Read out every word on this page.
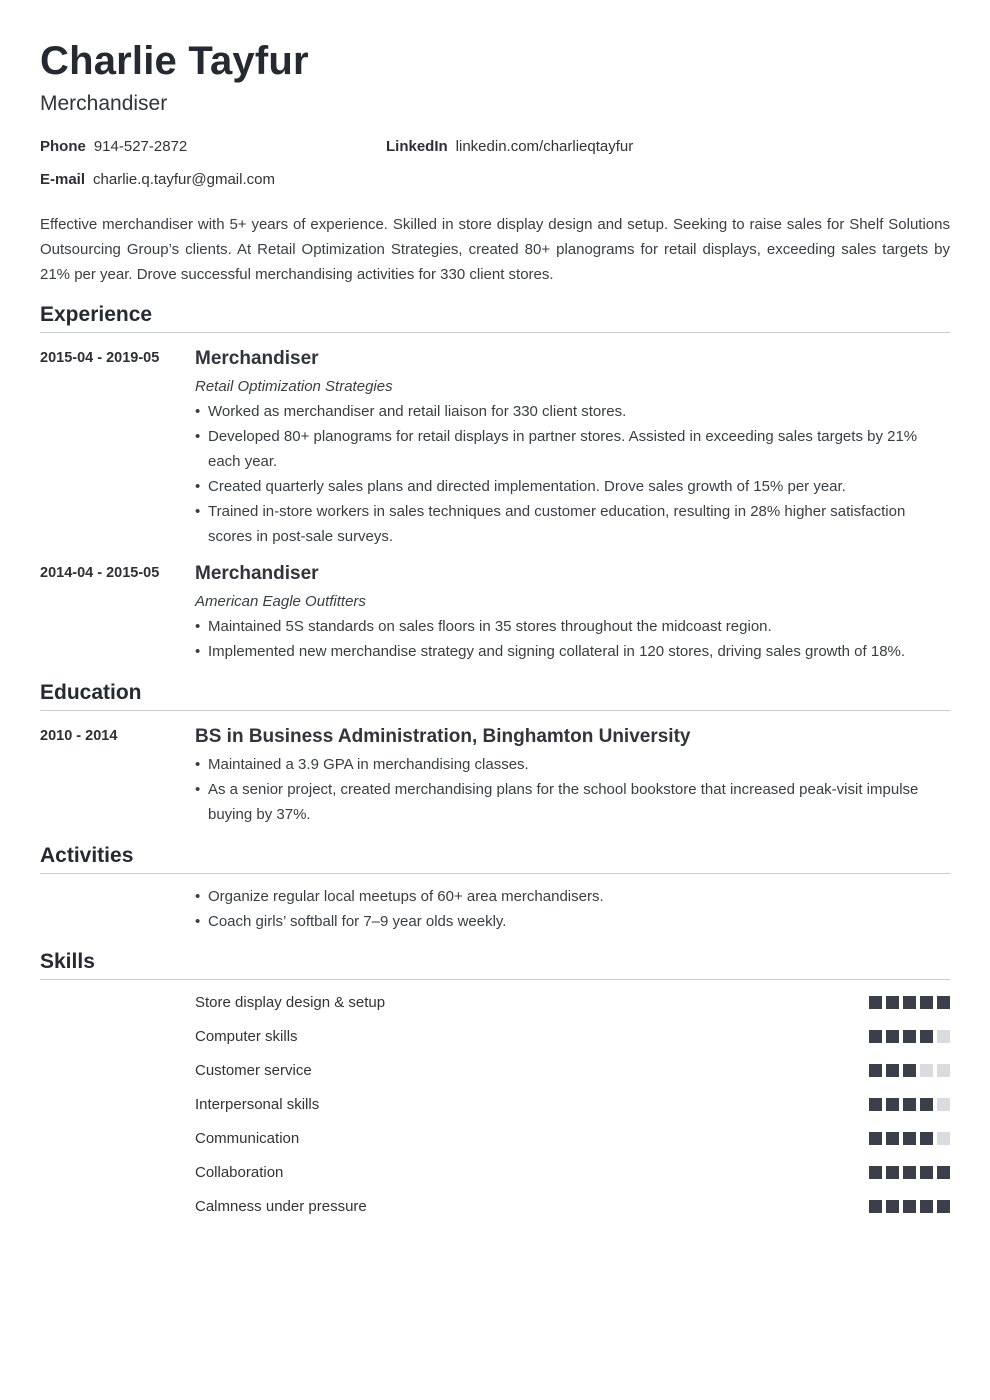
Charlie Tayfur
Merchandiser
Phone 914-527-2872	LinkedIn linkedin.com/charlieqtayfur
E-mail charlie.q.tayfur@gmail.com
Effective merchandiser with 5+ years of experience. Skilled in store display design and setup. Seeking to raise sales for Shelf Solutions Outsourcing Group’s clients. At Retail Optimization Strategies, created 80+ planograms for retail displays, exceeding sales targets by 21% per year. Drove successful merchandising activities for 330 client stores.
Experience
2015-04 - 2019-05 Merchandiser
Retail Optimization Strategies
• Worked as merchandiser and retail liaison for 330 client stores.
• Developed 80+ planograms for retail displays in partner stores. Assisted in exceeding sales targets by 21% each year.
• Created quarterly sales plans and directed implementation. Drove sales growth of 15% per year.
• Trained in-store workers in sales techniques and customer education, resulting in 28% higher satisfaction scores in post-sale surveys.
2014-04 - 2015-05 Merchandiser
American Eagle Outfitters
• Maintained 5S standards on sales floors in 35 stores throughout the midcoast region.
• Implemented new merchandise strategy and signing collateral in 120 stores, driving sales growth of 18%.
Education
2010 - 2014	BS in Business Administration, Binghamton University
• Maintained a 3.9 GPA in merchandising classes.
• As a senior project, created merchandising plans for the school bookstore that increased peak-visit impulse buying by 37%.
Activities
• Organize regular local meetups of 60+ area merchandisers.
• Coach girls’ softball for 7–9 year olds weekly.
Skills
Store display design & setup
Computer skills
Customer service
Interpersonal skills
Communication
Collaboration
Calmness under pressure
